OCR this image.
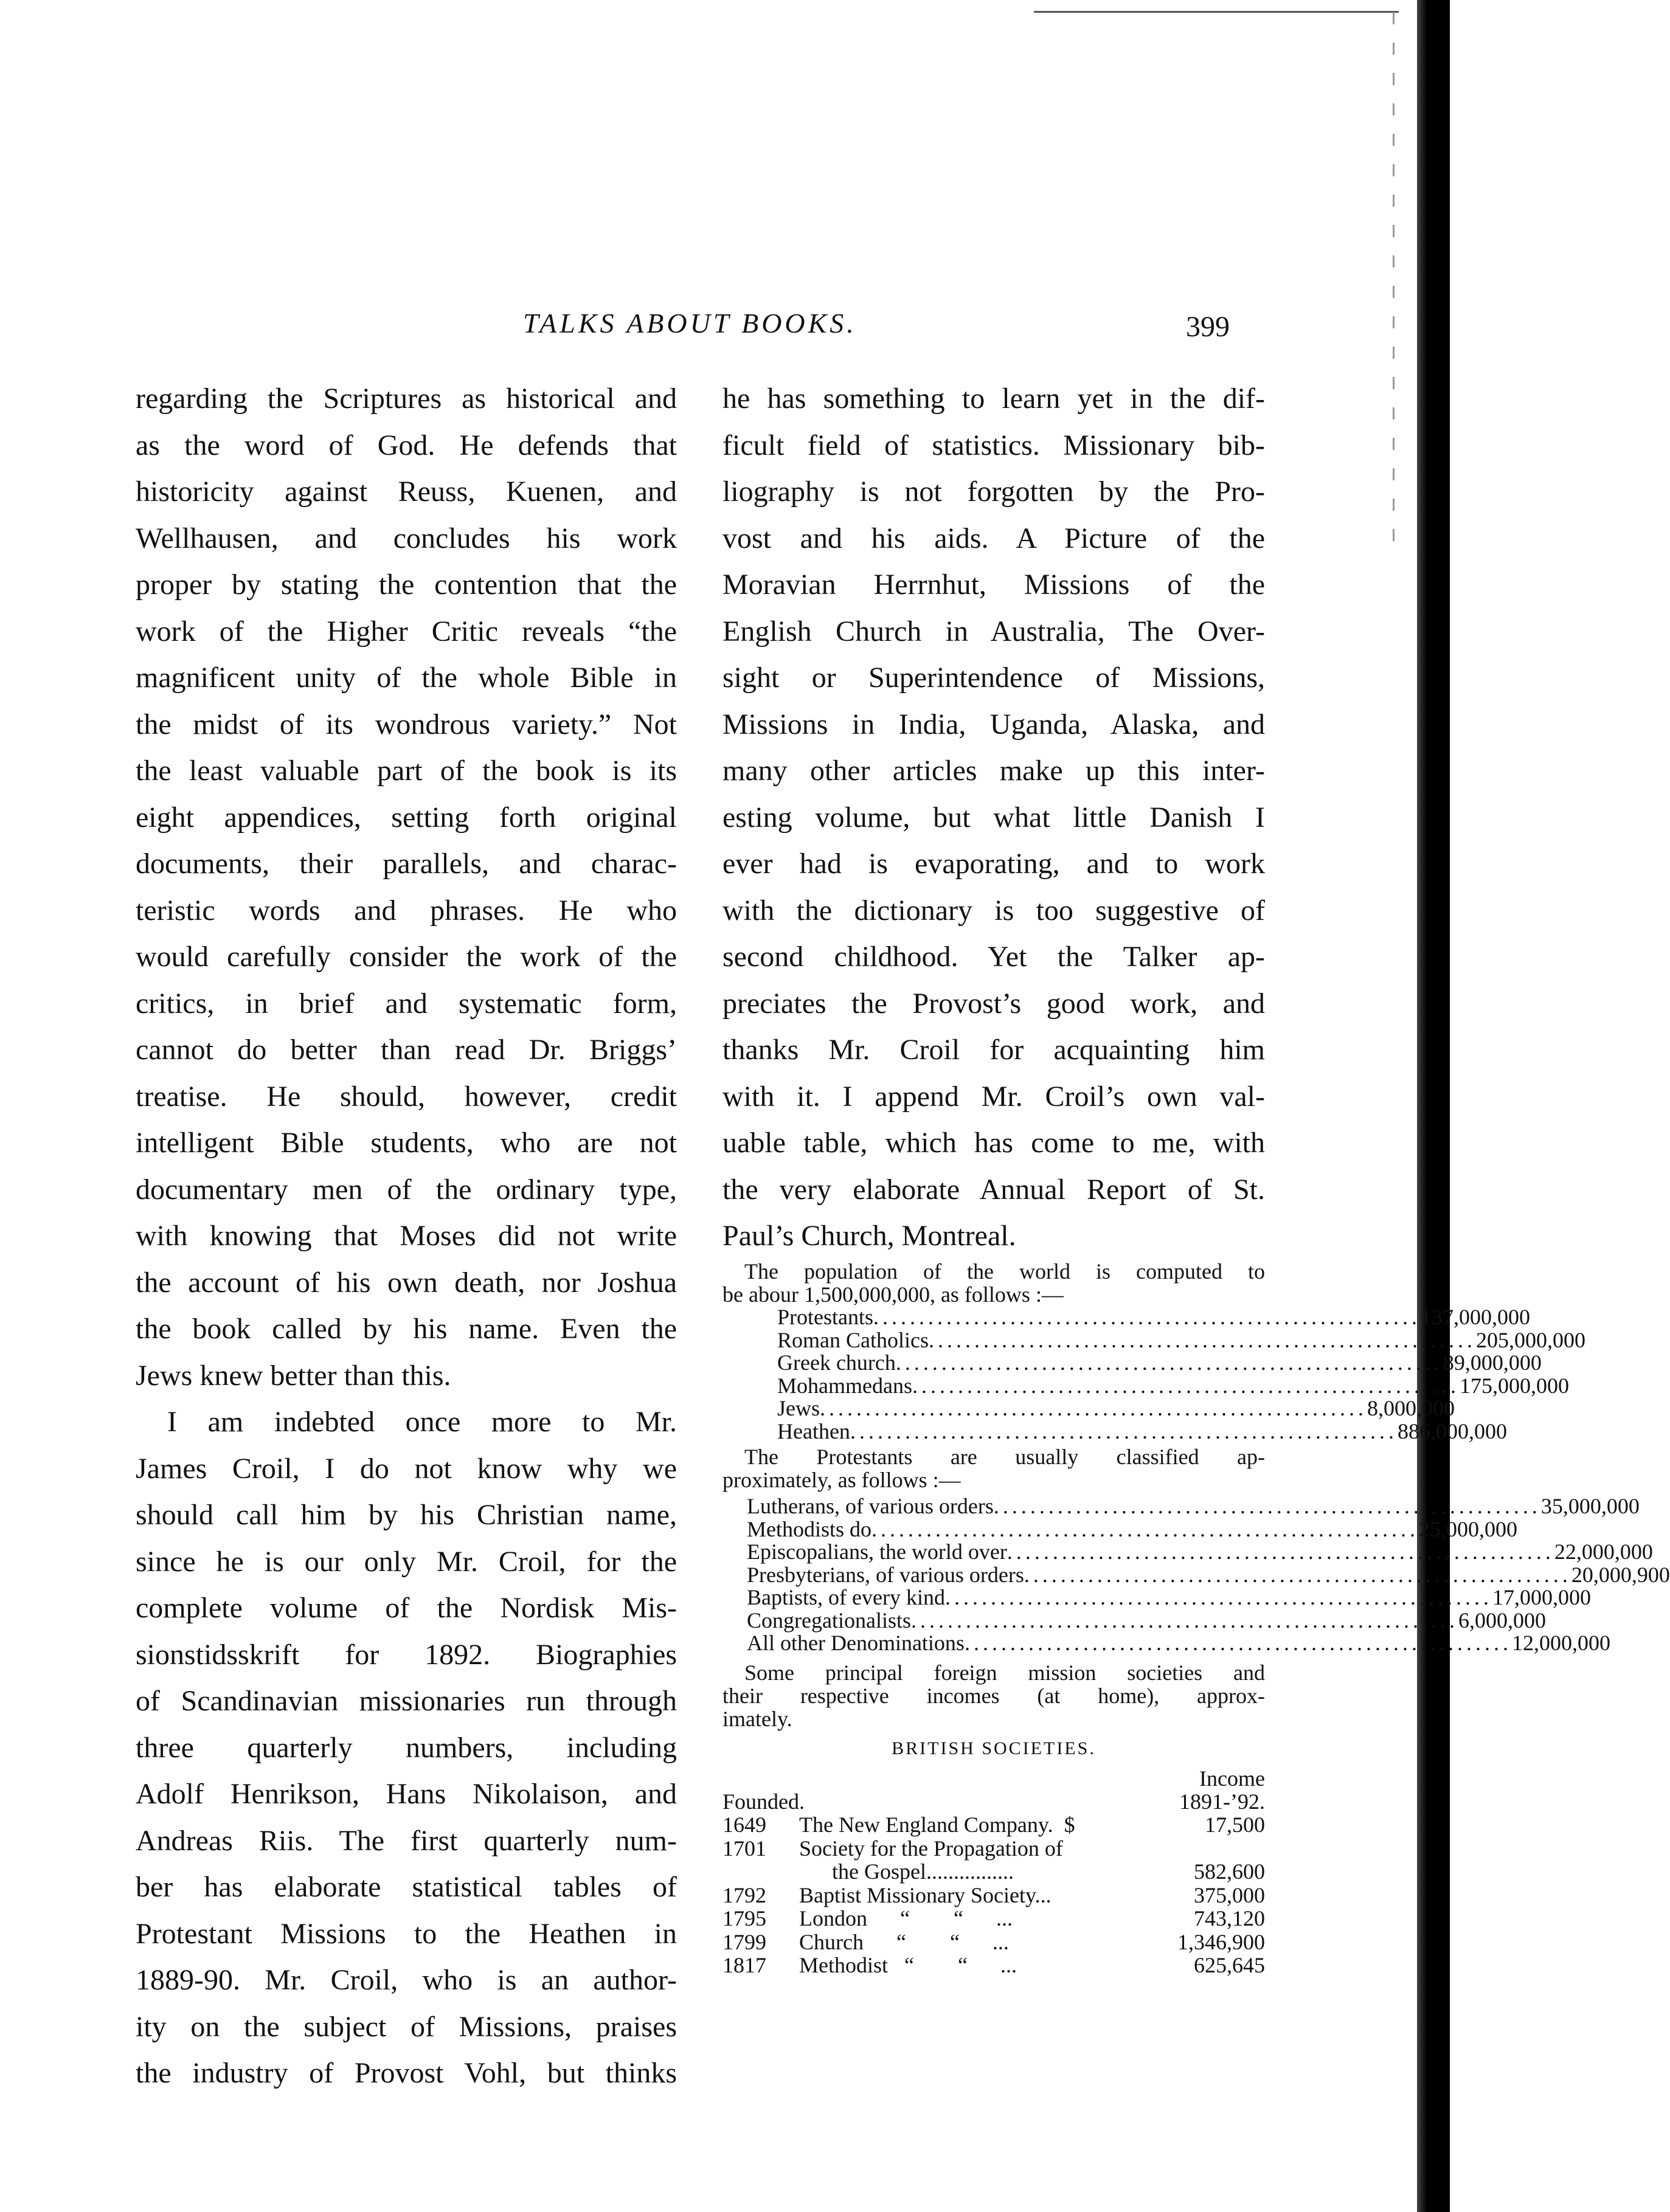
TALKS ABOUT BOOKS.	399
regarding the Scriptures as historical and
as the word of God. He defends that
historicity against Reuss, Kuenen, and
Wellhausen, and concludes his work
proper by stating the contention that the
work of the Higher Critic reveals “the
magnificent unity of the whole Bible in
the midst of its wondrous variety.” Not
the least valuable part of the book is its
eight appendices, setting forth original
documents, their parallels, and charac-
teristic words and phrases. He who
would carefully consider the work of the
critics, in brief and systematic form,
cannot do better than read Dr. Briggs’
treatise. He should, however, credit
intelligent Bible students, who are not
documentary men of the ordinary type,
with knowing that Moses did not write
the account of his own death, nor Joshua
the book called by his name. Even the
Jews knew better than this.
I am indebted once more to Mr.
James Croil, I do not know why we
should call him by his Christian name,
since he is our only Mr. Croil, for the
complete volume of the Nordisk Mis-
sionstidsskrift for 1892. Biographies
of Scandinavian missionaries run through
three quarterly numbers, including
Adolf Henrikson, Hans Nikolaison, and
Andreas Riis. The first quarterly num-
ber has elaborate statistical tables of
Protestant Missions to the Heathen in
1889-90. Mr. Croil, who is an author-
ity on the subject of Missions, praises
the industry of Provost Vohl, but thinks
he has something to learn yet in the dif-
ficult field of statistics. Missionary bib-
liography is not forgotten by the Pro-
vost and his aids. A Picture of the
Moravian Herrnhut, Missions of the
English Church in Australia, The Over-
sight or Superintendence of Missions,
Missions in India, Uganda, Alaska, and
many other articles make up this inter-
esting volume, but what little Danish I
ever had is evaporating, and to work
with the dictionary is too suggestive of
second childhood. Yet the Talker ap-
preciates the Provost’s good work, and
thanks Mr. Croil for acquainting him
with it. I append Mr. Croil’s own val-
uable table, which has come to me, with
the very elaborate Annual Report of St.
Paul’s Church, Montreal.
The population of the world is computed to
be abour 1,500,000,000, as follows :—
Protestants ............................................................ 137,000,000
Roman Catholics ............................................................ 205,000,000
Greek church ............................................................ 89,000,000
Mohammedans ............................................................ 175,000,000
Jews ............................................................ 8,000,000
Heathen ............................................................ 886,000,000
The Protestants are usually classified ap-
proximately, as follows :—
Lutherans, of various orders ............................................................ 35,000,000
Methodists do ............................................................ 25,000,000
Episcopalians, the world over ............................................................ 22,000,000
Presbyterians, of various orders ............................................................ 20,000,900
Baptists, of every kind ............................................................ 17,000,000
Congregationalists ............................................................ 6,000,000
All other Denominations ............................................................ 12,000,000
Some principal foreign mission societies and
their respective incomes (at home), approx-
imately.
BRITISH SOCIETIES.
Income
Founded.	1891-’92.
1649	The New England Company.  $	17,500
1701	Society for the Propagation of
the Gospel................	582,600
1792	Baptist Missionary Society...	375,000
1795	London      “        “      ...	743,120
1799	Church      “        “      ...	1,346,900
1817	Methodist   “        “      ...	625,645
